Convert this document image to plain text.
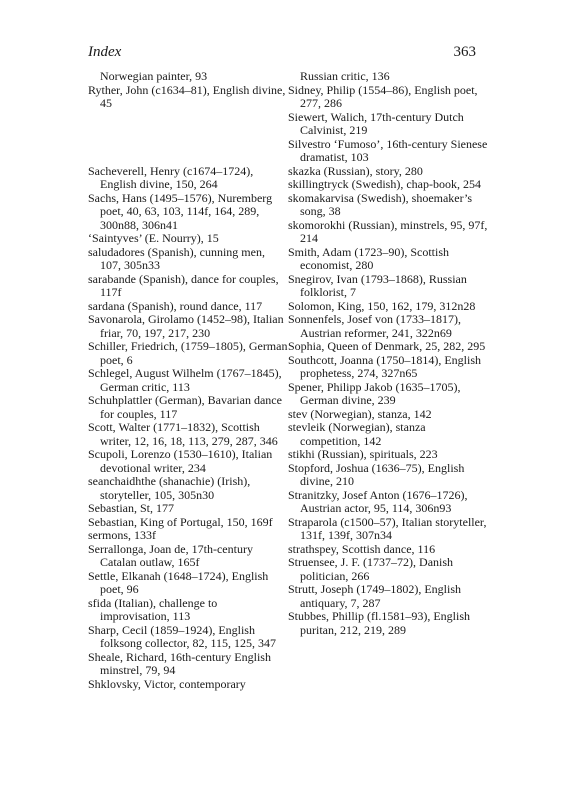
Index	363

Norwegian painter, 93

Ryther, John (c1634–81), English divine, 45

Sacheverell, Henry (c1674–1724), English divine, 150, 264

Sachs, Hans (1495–1576), Nuremberg poet, 40, 63, 103, 114f, 164, 289, 300n88, 306n41

‘Saintyves’ (E. Nourry), 15

saludadores (Spanish), cunning men, 107, 305n33

sarabande (Spanish), dance for couples, 117f

sardana (Spanish), round dance, 117

Savonarola, Girolamo (1452–98), Italian friar, 70, 197, 217, 230

Schiller, Friedrich, (1759–1805), German poet, 6

Schlegel, August Wilhelm (1767–1845), German critic, 113

Schuhplattler (German), Bavarian dance for couples, 117

Scott, Walter (1771–1832), Scottish writer, 12, 16, 18, 113, 279, 287, 346

Scupoli, Lorenzo (1530–1610), Italian devotional writer, 234

seanchaidhthe (shanachie) (Irish), storyteller, 105, 305n30

Sebastian, St, 177

Sebastian, King of Portugal, 150, 169f

sermons, 133f

Serrallonga, Joan de, 17th-century Catalan outlaw, 165f

Settle, Elkanah (1648–1724), English poet, 96

sfida (Italian), challenge to improvisation, 113

Sharp, Cecil (1859–1924), English folksong collector, 82, 115, 125, 347

Sheale, Richard, 16th-century English minstrel, 79, 94

Shklovsky, Victor, contemporary

Russian critic, 136

Sidney, Philip (1554–86), English poet, 277, 286

Siewert, Walich, 17th-century Dutch Calvinist, 219

Silvestro ‘Fumoso’, 16th-century Sienese dramatist, 103

skazka (Russian), story, 280

skillingtryck (Swedish), chap-book, 254

skomakarvisa (Swedish), shoemaker’s song, 38

skomorokhi (Russian), minstrels, 95, 97f, 214

Smith, Adam (1723–90), Scottish economist, 280

Snegirov, Ivan (1793–1868), Russian folklorist, 7

Solomon, King, 150, 162, 179, 312n28

Sonnenfels, Josef von (1733–1817), Austrian reformer, 241, 322n69

Sophia, Queen of Denmark, 25, 282, 295

Southcott, Joanna (1750–1814), English prophetess, 274, 327n65

Spener, Philipp Jakob (1635–1705), German divine, 239

stev (Norwegian), stanza, 142

stevleik (Norwegian), stanza competition, 142

stikhi (Russian), spirituals, 223

Stopford, Joshua (1636–75), English divine, 210

Stranitzky, Josef Anton (1676–1726), Austrian actor, 95, 114, 306n93

Straparola (c1500–57), Italian storyteller, 131f, 139f, 307n34

strathspey, Scottish dance, 116

Struensee, J. F. (1737–72), Danish politician, 266

Strutt, Joseph (1749–1802), English antiquary, 7, 287

Stubbes, Phillip (fl.1581–93), English puritan, 212, 219, 289
